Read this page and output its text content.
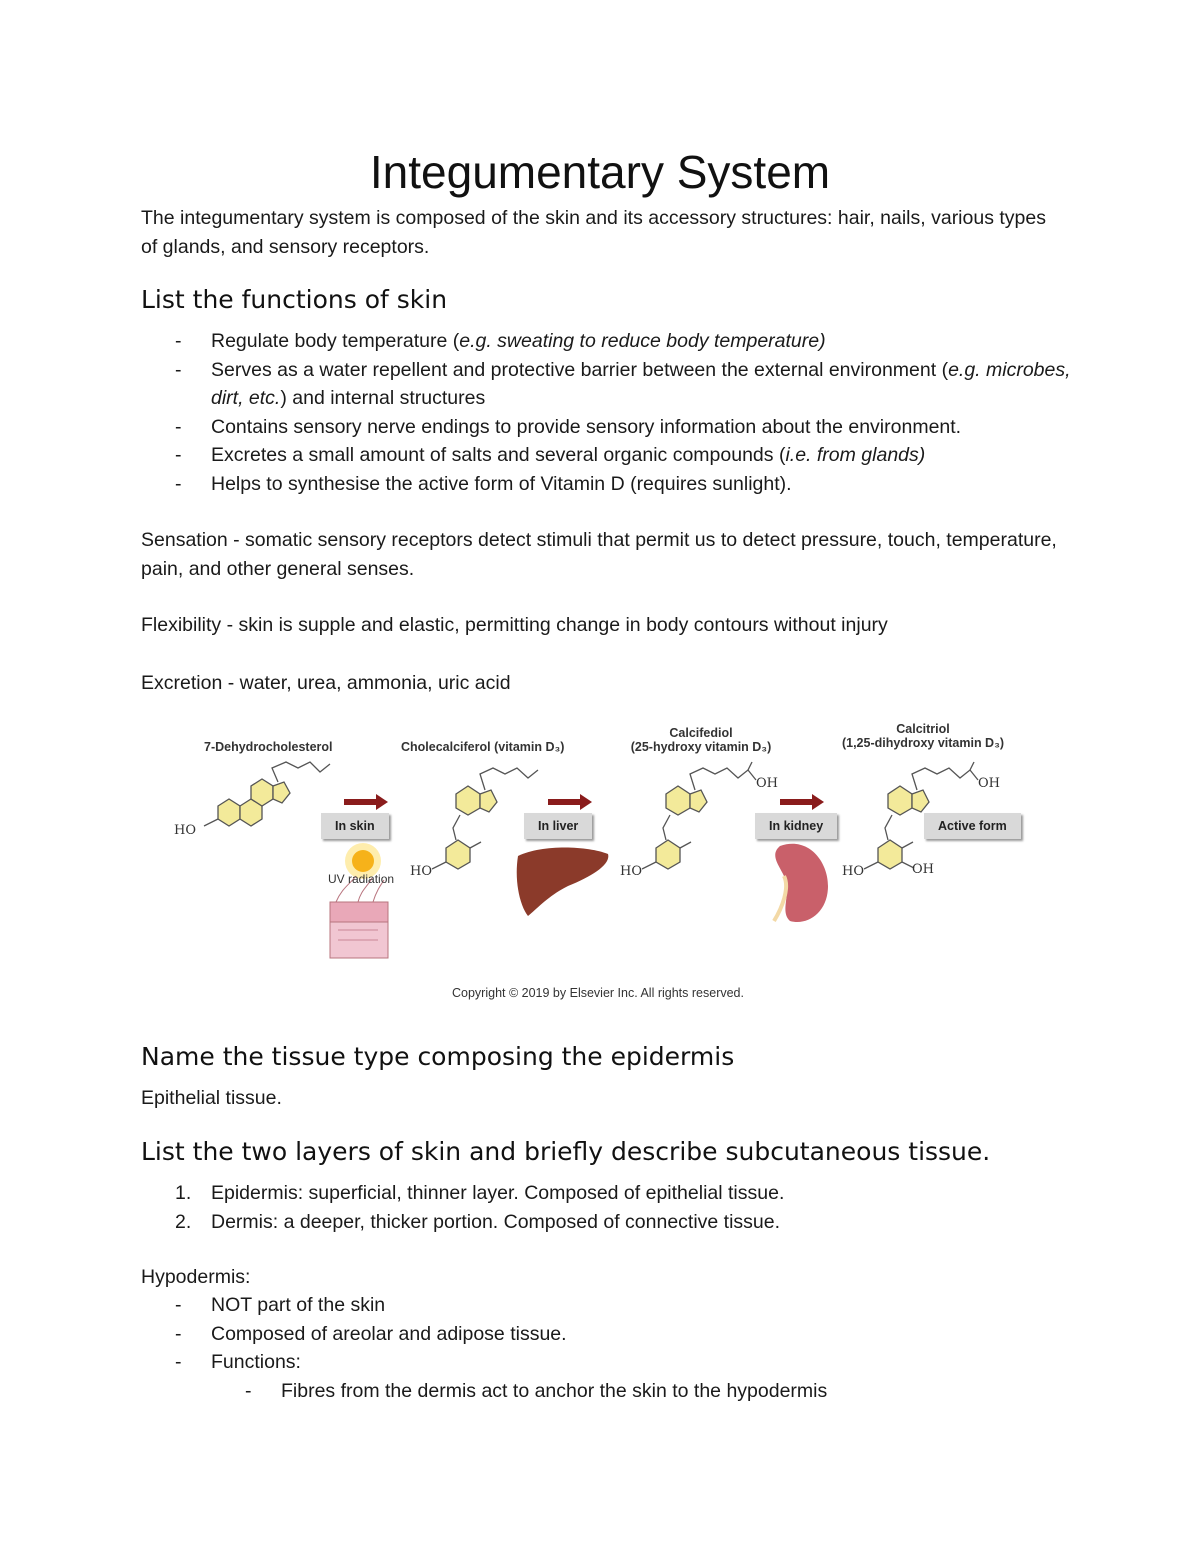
Integumentary System

The integumentary system is composed of the skin and its accessory structures: hair, nails, various types of glands, and sensory receptors.

List the functions of skin
- Regulate body temperature (e.g. sweating to reduce body temperature)
- Serves as a water repellent and protective barrier between the external environment (e.g. microbes, dirt, etc.) and internal structures
- Contains sensory nerve endings to provide sensory information about the environment.
- Excretes a small amount of salts and several organic compounds (i.e. from glands)
- Helps to synthesise the active form of Vitamin D (requires sunlight).

Sensation - somatic sensory receptors detect stimuli that permit us to detect pressure, touch, temperature, pain, and other general senses.

Flexibility - skin is supple and elastic, permitting change in body contours without injury

Excretion - water, urea, ammonia, uric acid

7-Dehydrocholesterol	Cholecalciferol (vitamin D₃)
Calcifediol
(25-hydroxy vitamin D₃)
Calcitriol
(1,25-dihydroxy vitamin D₃)
In skin	In liver	In kidney	Active form
HO
HO	HO
OH
HO
OH
OH
UV radiation
Copyright © 2019 by Elsevier Inc. All rights reserved.
Name the tissue type composing the epidermis

Epithelial tissue.

List the two layers of skin and briefly describe subcutaneous tissue.
1. Epidermis: superficial, thinner layer. Composed of epithelial tissue.
2. Dermis: a deeper, thicker portion. Composed of connective tissue.

Hypodermis:

- NOT part of the skin
- Composed of areolar and adipose tissue.
- Functions:
- Fibres from the dermis act to anchor the skin to the hypodermis
